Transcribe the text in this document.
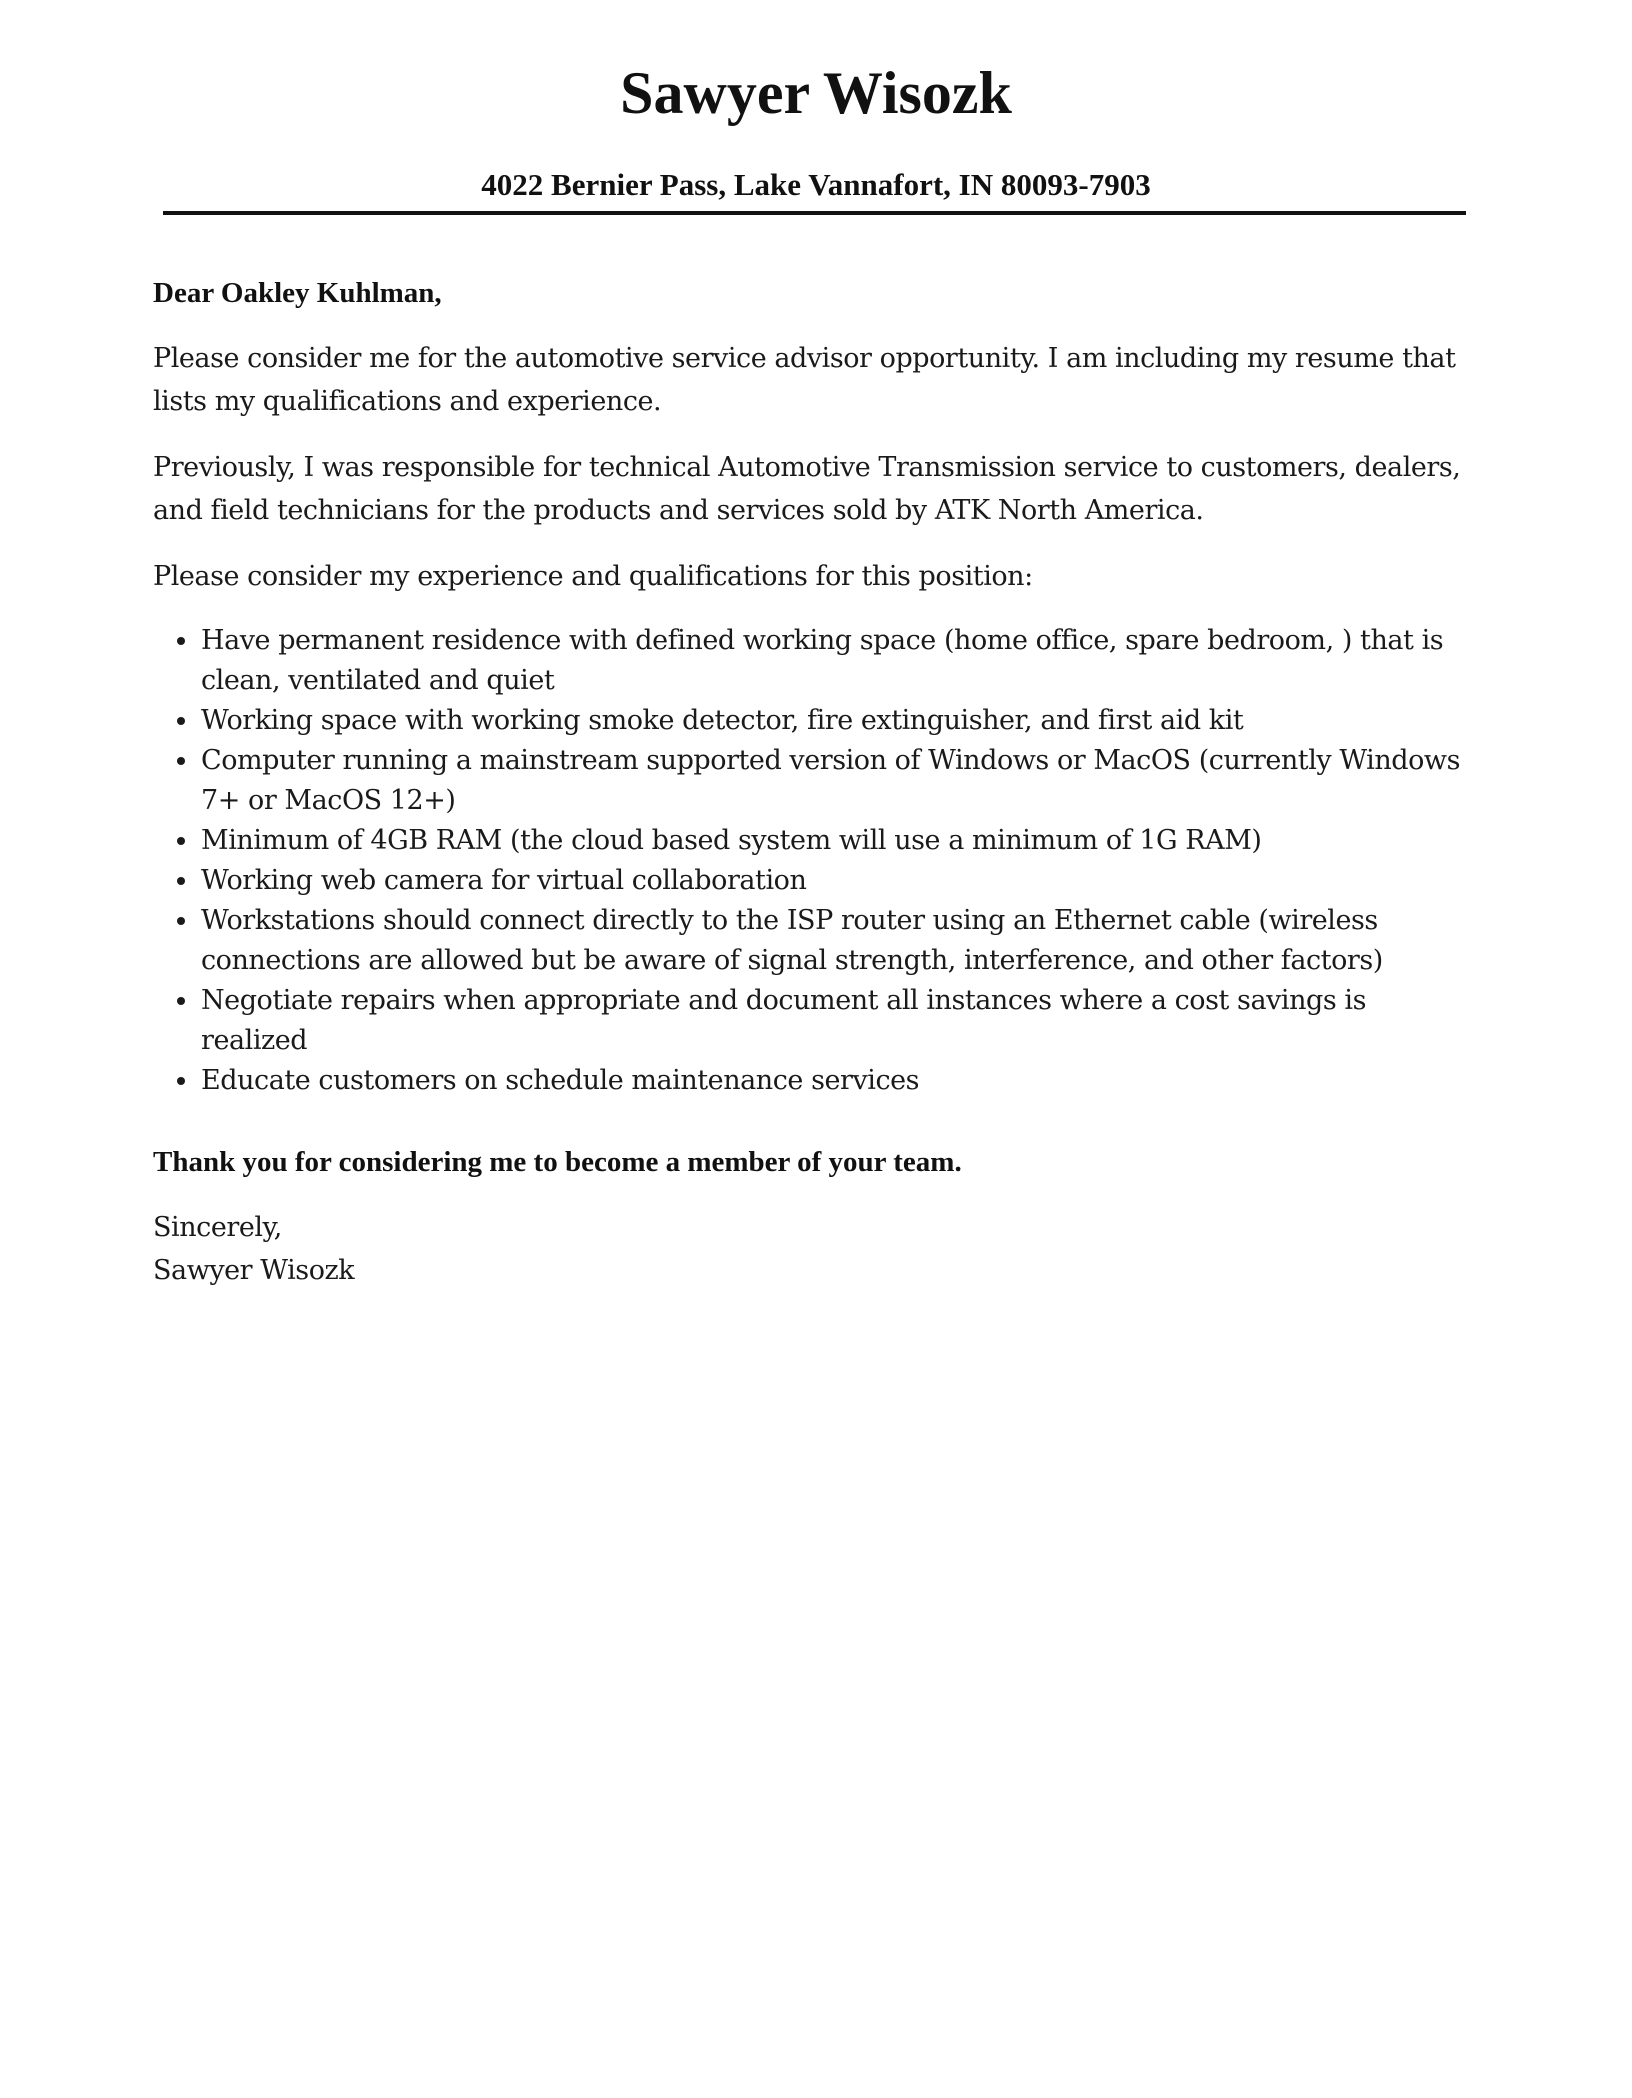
Sawyer Wisozk
4022 Bernier Pass, Lake Vannafort, IN 80093-7903

Dear Oakley Kuhlman,

Please consider me for the automotive service advisor opportunity. I am including my resume that lists my qualifications and experience.

Previously, I was responsible for technical Automotive Transmission service to customers, dealers, and field technicians for the products and services sold by ATK North America.

Please consider my experience and qualifications for this position:

Have permanent residence with defined working space (home office, spare bedroom, ) that is clean, ventilated and quiet
Working space with working smoke detector, fire extinguisher, and first aid kit
Computer running a mainstream supported version of Windows or MacOS (currently Windows 7+ or MacOS 12+)
Minimum of 4GB RAM (the cloud based system will use a minimum of 1G RAM)
Working web camera for virtual collaboration
Workstations should connect directly to the ISP router using an Ethernet cable (wireless connections are allowed but be aware of signal strength, interference, and other factors)
Negotiate repairs when appropriate and document all instances where a cost savings is realized
Educate customers on schedule maintenance services

Thank you for considering me to become a member of your team.

Sincerely,

Sawyer Wisozk
